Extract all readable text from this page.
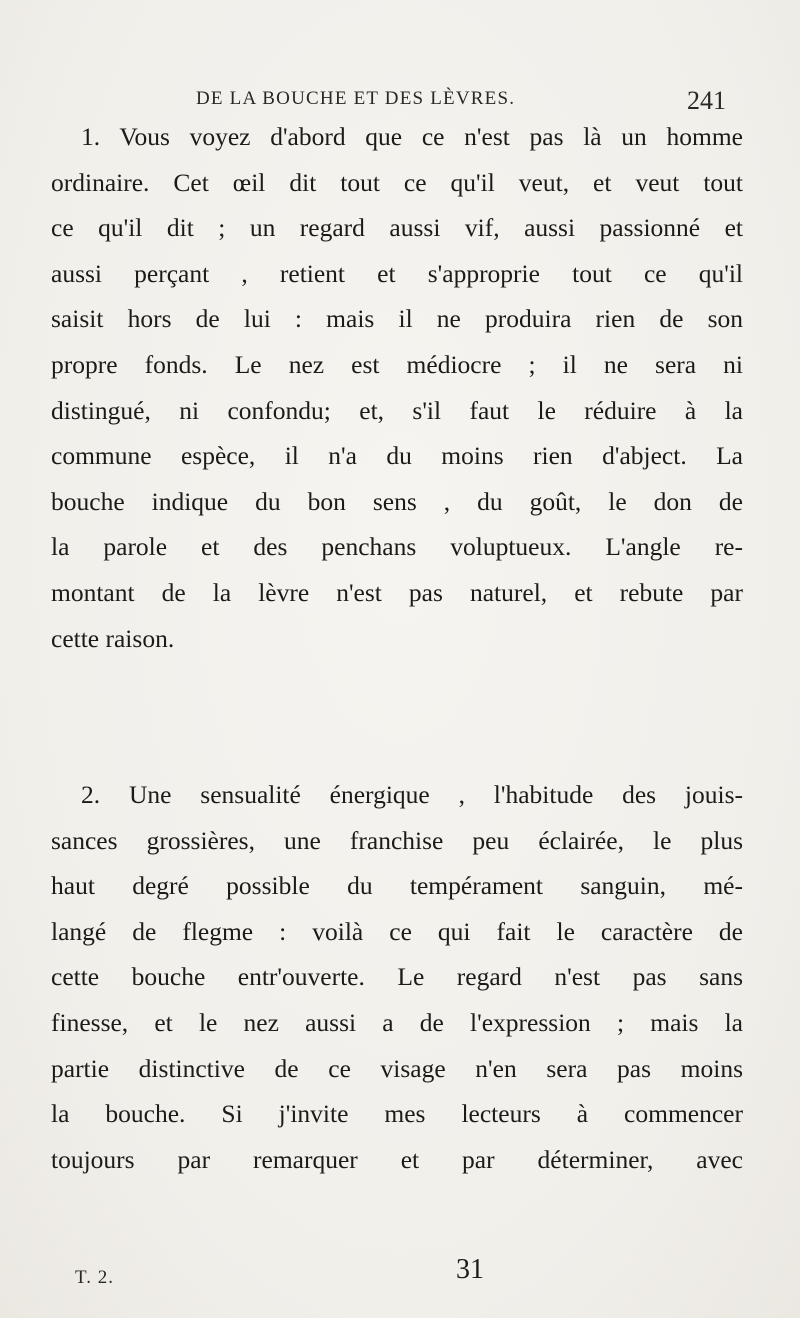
DE LA BOUCHE ET DES LÈVRES.	241
1. Vous voyez d'abord que ce n'est pas là un homme
ordinaire. Cet œil dit tout ce qu'il veut, et veut tout
ce qu'il dit ; un regard aussi vif, aussi passionné et
aussi perçant , retient et s'approprie tout ce qu'il
saisit hors de lui : mais il ne produira rien de son
propre fonds. Le nez est médiocre ; il ne sera ni
distingué, ni confondu; et, s'il faut le réduire à la
commune espèce, il n'a du moins rien d'abject. La
bouche indique du bon sens , du goût, le don de
la parole et des penchans voluptueux. L'angle re-
montant de la lèvre n'est pas naturel, et rebute par
cette raison.
2. Une sensualité énergique , l'habitude des jouis-
sances grossières, une franchise peu éclairée, le plus
haut degré possible du tempérament sanguin, mé-
langé de flegme : voilà ce qui fait le caractère de
cette bouche entr'ouverte. Le regard n'est pas sans
finesse, et le nez aussi a de l'expression ; mais la
partie distinctive de ce visage n'en sera pas moins
la bouche. Si j'invite mes lecteurs à commencer
toujours par remarquer et par déterminer, avec
T. 2.	31
